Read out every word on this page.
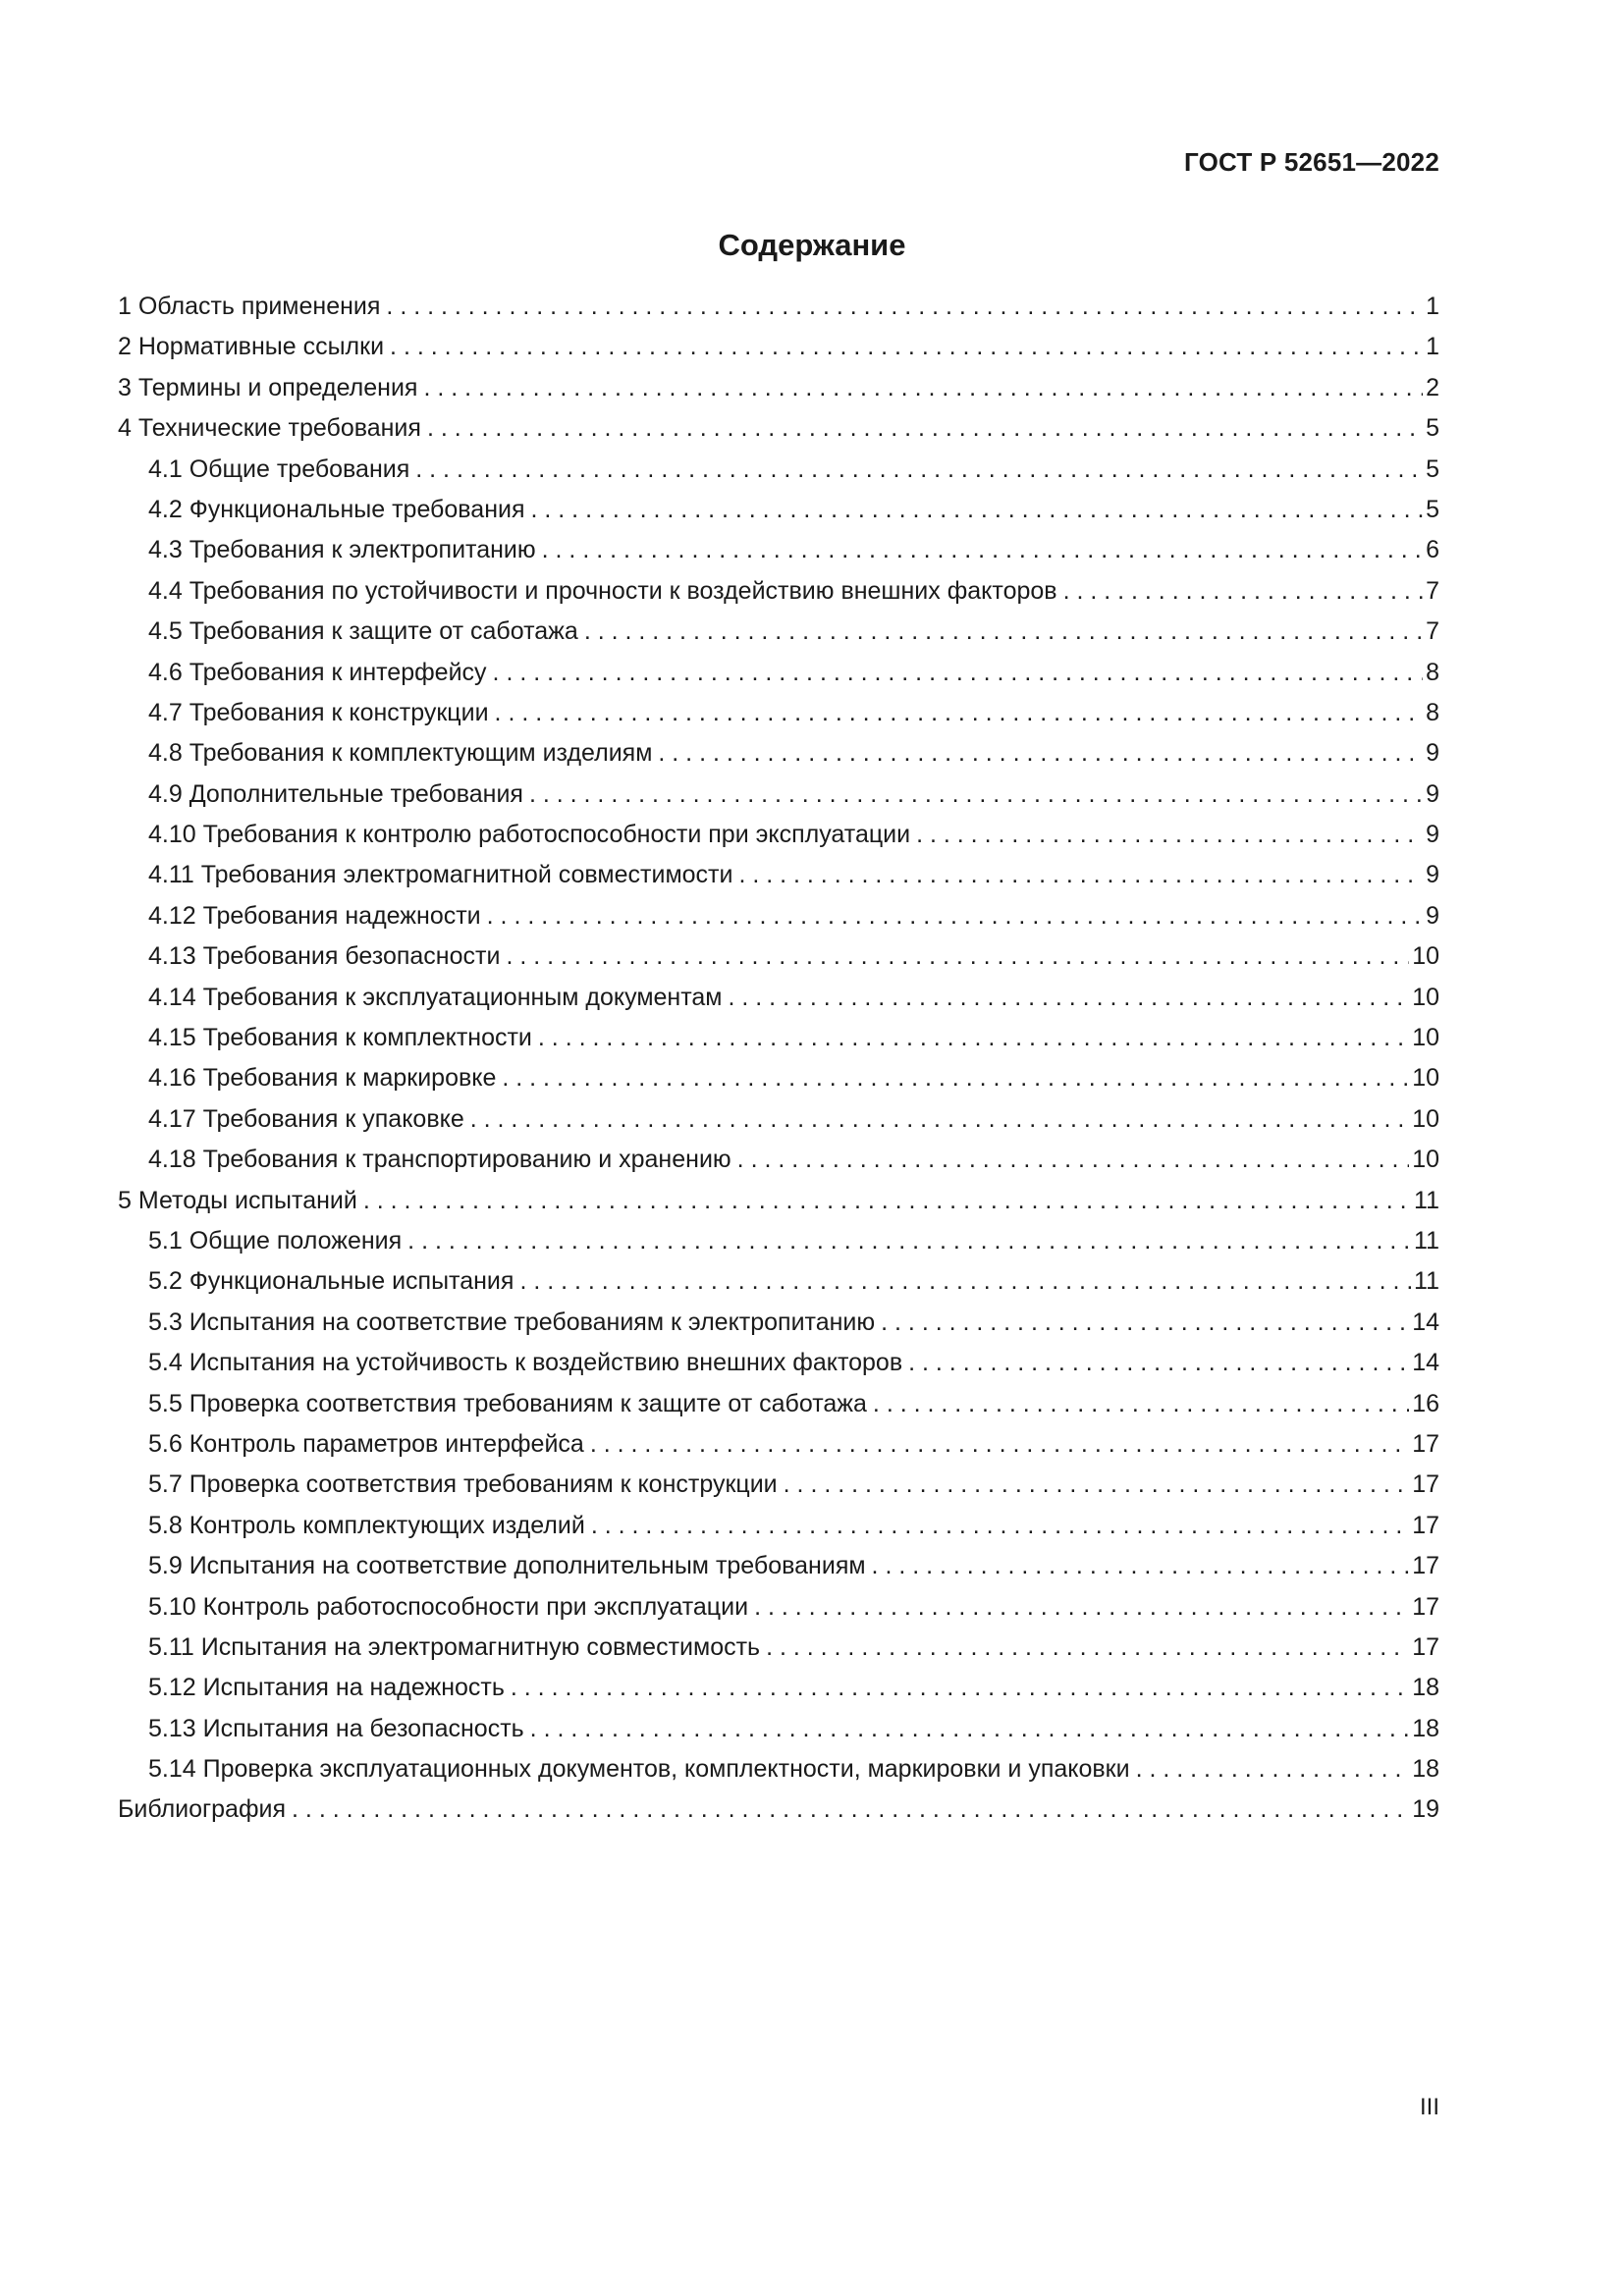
ГОСТ Р 52651—2022
Содержание
1 Область применения . . .	1
2 Нормативные ссылки . . .	1
3 Термины и определения . . .	2
4 Технические требования . . .	5
4.1 Общие требования . . .	5
4.2 Функциональные требования . . .	5
4.3 Требования к электропитанию . . .	6
4.4 Требования по устойчивости и прочности к воздействию внешних факторов . . .	7
4.5 Требования к защите от саботажа . . .	7
4.6 Требования к интерфейсу . . .	8
4.7 Требования к конструкции . . .	8
4.8 Требования к комплектующим изделиям . . .	9
4.9 Дополнительные требования . . .	9
4.10 Требования к контролю работоспособности при эксплуатации . . .	9
4.11 Требования электромагнитной совместимости . . .	9
4.12 Требования надежности . . .	9
4.13 Требования безопасности . . .	10
4.14 Требования к эксплуатационным документам . . .	10
4.15 Требования к комплектности . . .	10
4.16 Требования к маркировке . . .	10
4.17 Требования к упаковке . . .	10
4.18 Требования к транспортированию и хранению . . .	10
5 Методы испытаний . . .	11
5.1 Общие положения . . .	11
5.2 Функциональные испытания . . .	11
5.3 Испытания на соответствие требованиям к электропитанию . . .	14
5.4 Испытания на устойчивость к воздействию внешних факторов . . .	14
5.5 Проверка соответствия требованиям к защите от саботажа . . .	16
5.6 Контроль параметров интерфейса . . .	17
5.7 Проверка соответствия требованиям к конструкции . . .	17
5.8 Контроль комплектующих изделий . . .	17
5.9 Испытания на соответствие дополнительным требованиям . . .	17
5.10 Контроль работоспособности при эксплуатации . . .	17
5.11 Испытания на электромагнитную совместимость . . .	17
5.12 Испытания на надежность . . .	18
5.13 Испытания на безопасность . . .	18
5.14 Проверка эксплуатационных документов, комплектности, маркировки и упаковки . . .	18
Библиография . . .	19
III
